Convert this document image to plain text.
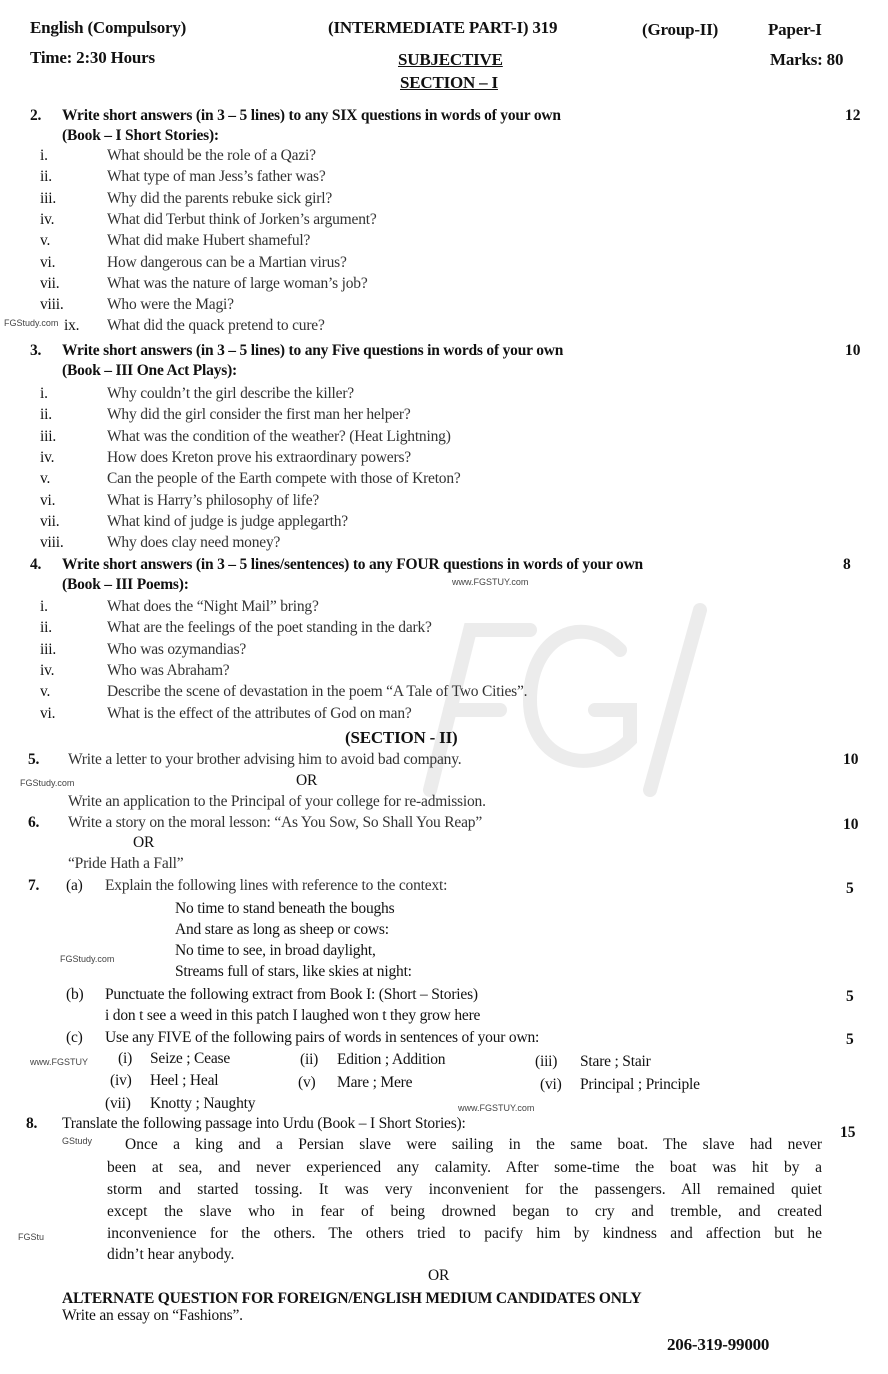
English (Compulsory)	(INTERMEDIATE PART-I) 319	(Group-II)	Paper-I
Time: 2:30 Hours	SUBJECTIVE	Marks: 80
SECTION – I
2. Write short answers (in 3 – 5 lines) to any SIX questions in words of your own	12
(Book – I Short Stories):
i.	What should be the role of a Qazi?
ii.	What type of man Jess’s father was?
iii.	Why did the parents rebuke sick girl?
iv.	What did Terbut think of Jorken’s argument?
v.	What did make Hubert shameful?
vi.	How dangerous can be a Martian virus?
vii.	What was the nature of large woman’s job?
viii.	Who were the Magi?
ix. What did the quack pretend to cure?
3. Write short answers (in 3 – 5 lines) to any Five questions in words of your own	10
(Book – III One Act Plays):
i.	Why couldn’t the girl describe the killer?
ii.	Why did the girl consider the first man her helper?
iii.	What was the condition of the weather? (Heat Lightning)
iv.	How does Kreton prove his extraordinary powers?
v.	Can the people of the Earth compete with those of Kreton?
vi.	What is Harry’s philosophy of life?
vii.	What kind of judge is judge applegarth?
viii.	Why does clay need money?
4. Write short answers (in 3 – 5 lines/sentences) to any FOUR questions in words of your own	8
(Book – III Poems):
i.	What does the “Night Mail” bring?
ii.	What are the feelings of the poet standing in the dark?
iii.	Who was ozymandias?
iv.	Who was Abraham?
v.	Describe the scene of devastation in the poem “A Tale of Two Cities”.
vi.	What is the effect of the attributes of God on man?
(SECTION - II)
5. Write a letter to your brother advising him to avoid bad company.	10
OR
Write an application to the Principal of your college for re-admission.
6. Write a story on the moral lesson: “As You Sow, So Shall You Reap”	10
OR
“Pride Hath a Fall”
7. (a) Explain the following lines with reference to the context:	5
No time to stand beneath the boughs
And stare as long as sheep or cows:
No time to see, in broad daylight,
Streams full of stars, like skies at night:
(b) Punctuate the following extract from Book I: (Short – Stories)	5
i don t see a weed in this patch I laughed won t they grow here
(c) Use any FIVE of the following pairs of words in sentences of your own:	5
(i) Seize ; Cease	(ii) Edition ; Addition	(iii) Stare ; Stair
(iv) Heel ; Heal	(v) Mare ; Mere	(vi) Principal ; Principle
(vii) Knotty ; Naughty
8. Translate the following passage into Urdu (Book – I Short Stories):
15
Once a king and a Persian slave were sailing in the same boat. The slave had never
been at sea, and never experienced any calamity. After some-time the boat was hit by a
storm and started tossing. It was very inconvenient for the passengers. All remained quiet
except the slave who in fear of being drowned began to cry and tremble, and created
inconvenience for the others. The others tried to pacify him by kindness and affection but he
didn’t hear anybody.
OR
ALTERNATE QUESTION FOR FOREIGN/ENGLISH MEDIUM CANDIDATES ONLY
Write an essay on “Fashions”.
206-319-99000
FGStudy.com
www.FGSTUY.com
FGStudy.com
FGStudy.com
www.FGSTUY
www.FGSTUY.com
GStudy
FGStu
